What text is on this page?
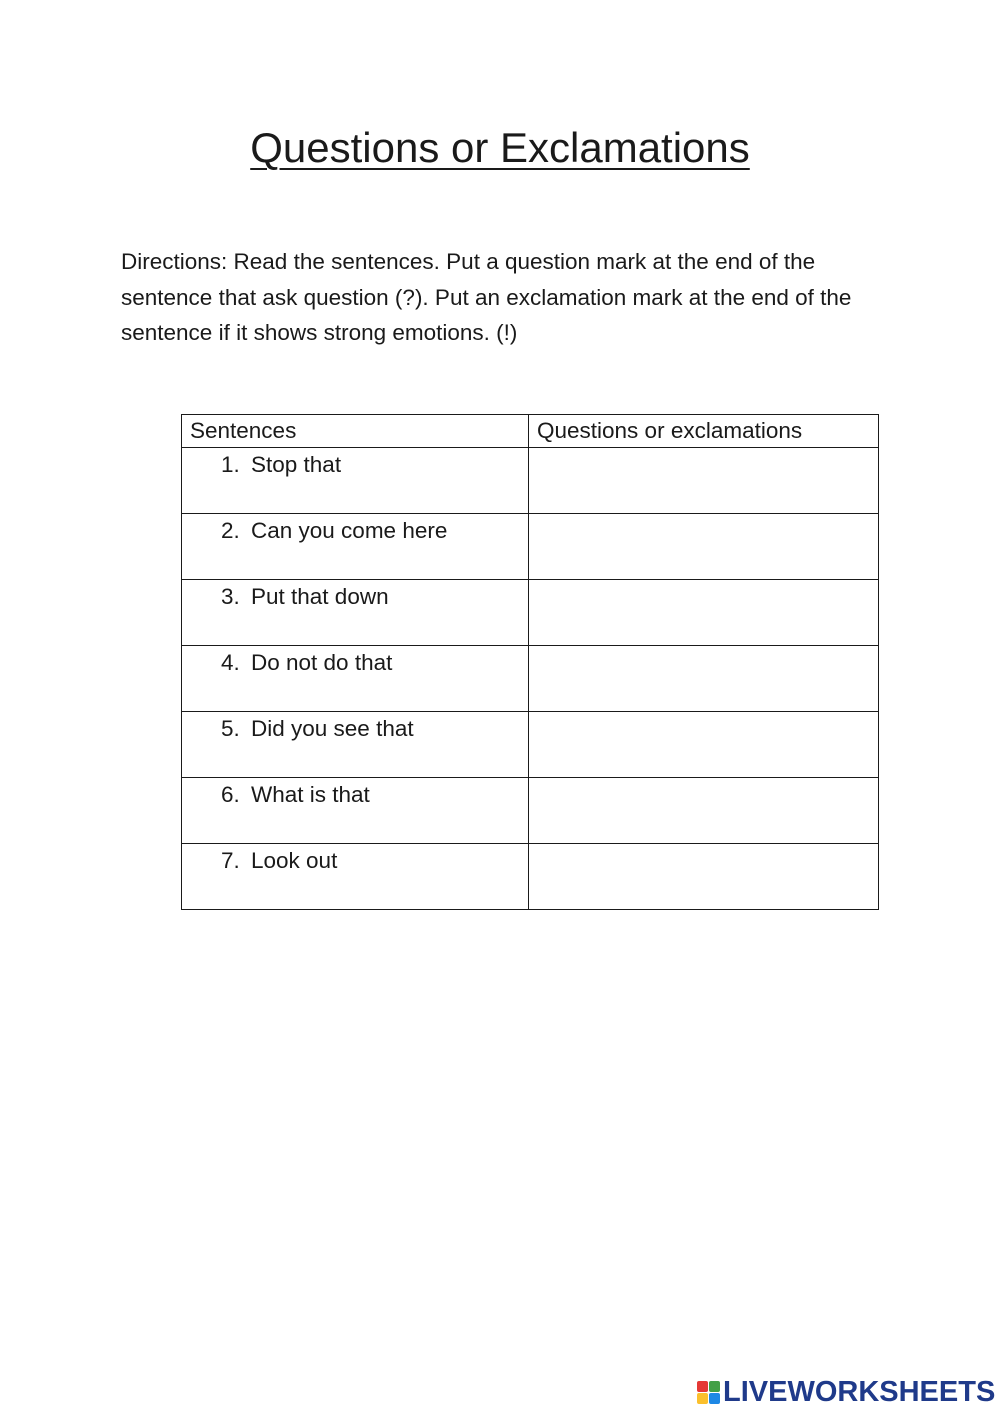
Questions or Exclamations

Directions: Read the sentences. Put a question mark at the end of the sentence that ask question (?). Put an exclamation mark at the end of the sentence if it shows strong emotions. (!)

Sentences	Questions or exclamations

1. Stop that	

2. Can you come here	

3. Put that down	

4. Do not do that	

5. Did you see that	

6. What is that	

7. Look out	

LIVEWORKSHEETS
